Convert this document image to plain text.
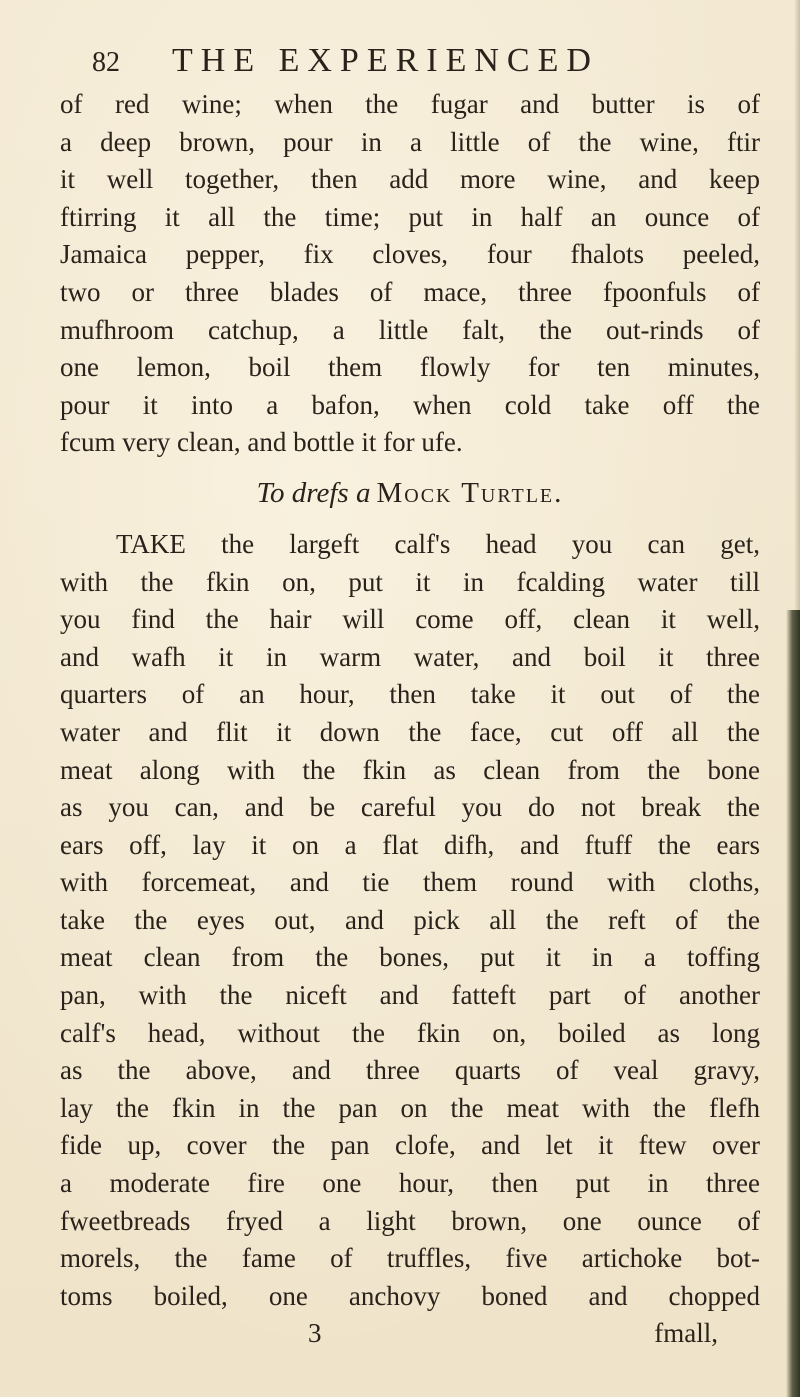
82 THE EXPERIENCED
of red wine; when the fugar and butter is of
a deep brown, pour in a little of the wine, ftir
it well together, then add more wine, and keep
ftirring it all the time; put in half an ounce of
Jamaica pepper, fix cloves, four fhalots peeled,
two or three blades of mace, three fpoonfuls of
mufhroom catchup, a little falt, the out-rinds of
one lemon, boil them flowly for ten minutes,
pour it into a bafon, when cold take off the
fcum very clean, and bottle it for ufe.
To drefs a Mock Turtle.
TAKE the largeft calf's head you can get,
with the fkin on, put it in fcalding water till
you find the hair will come off, clean it well,
and wafh it in warm water, and boil it three
quarters of an hour, then take it out of the
water and flit it down the face, cut off all the
meat along with the fkin as clean from the bone
as you can, and be careful you do not break the
ears off, lay it on a flat difh, and ftuff the ears
with forcemeat, and tie them round with cloths,
take the eyes out, and pick all the reft of the
meat clean from the bones, put it in a toffing
pan, with the niceft and fatteft part of another
calf's head, without the fkin on, boiled as long
as the above, and three quarts of veal gravy,
lay the fkin in the pan on the meat with the flefh
fide up, cover the pan clofe, and let it ftew over
a moderate fire one hour, then put in three
fweetbreads fryed a light brown, one ounce of
morels, the fame of truffles, five artichoke bot-
toms boiled, one anchovy boned and chopped
3	fmall,
